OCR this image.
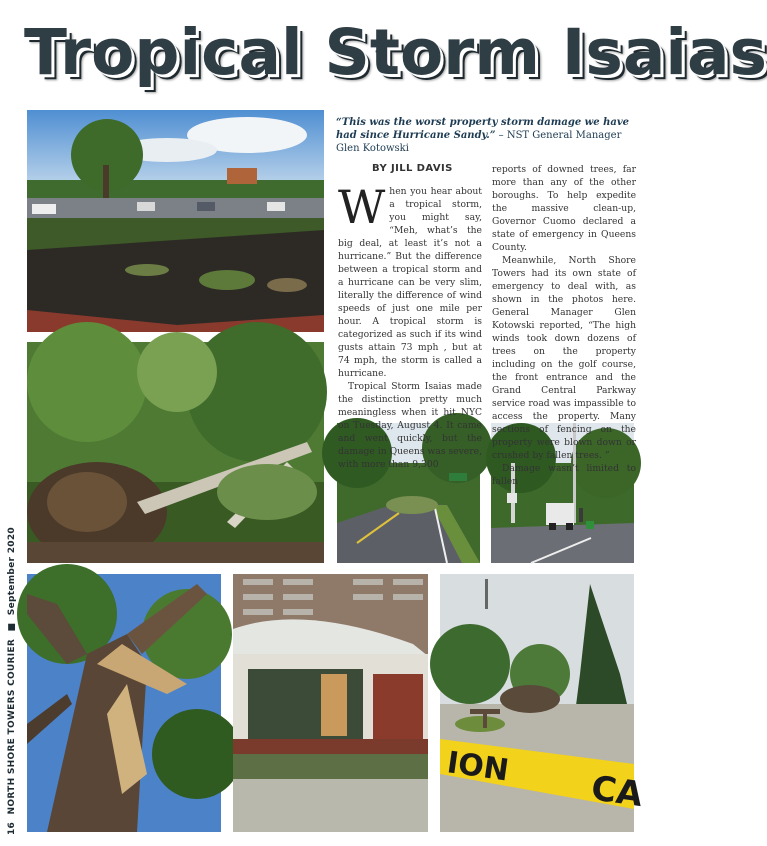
Tropical Storm Isaias
16 NORTH SHORE TOWERS COURIER ■ September 2020
ION
CA
“This was the worst property storm damage we have had since Hurricane Sandy.” – NST General Manager Glen Kotowski
BY JILL DAVIS

When you hear about a tropical storm, you might say, “Meh, what’s the big deal, at least it’s not a hurricane.” But the difference between a tropical storm and a hurricane can be very slim, literally the difference of wind speeds of just one mile per hour. A tropical storm is categorized as such if its wind gusts attain 73 mph , but at 74 mph, the storm is called a hurricane.

Tropical Storm Isaias made the distinction pretty much meaningless when it hit NYC on Tuesday, August 4. It came and went quickly, but the damage in Queens was severe, with more than 9,300

reports of downed trees, far more than any of the other boroughs. To help expedite the massive clean-up, Governor Cuomo declared a state of emergency in Queens County.

Meanwhile, North Shore Towers had its own state of emergency to deal with, as shown in the photos here. General Manager Glen Kotowski reported, “The high winds took down dozens of trees on the property including on the golf course, the front entrance and the Grand Central Parkway service road was impassible to access the property. Many sections of fencing on the property were blown down or crushed by fallen trees. ”

Damage wasn’t limited to fallen
